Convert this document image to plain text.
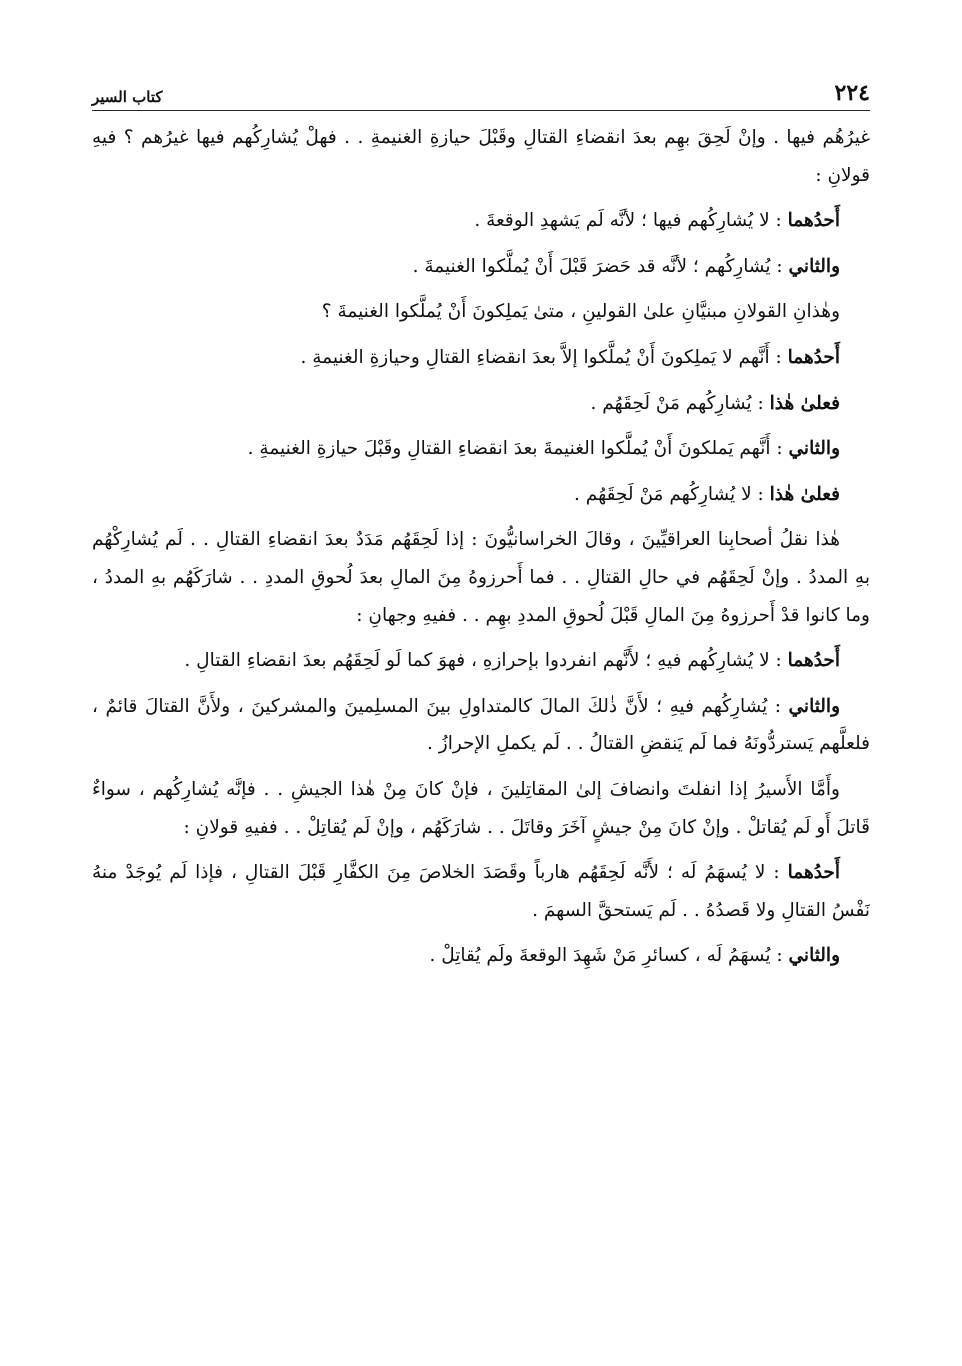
٢٢٤
كتاب السير

غيرُهُم فيها . وإنْ لَحِقَ بهِم بعدَ انقضاءِ القتالِ وقَبْلَ حيازةِ الغنيمةِ . . فهلْ يُشارِكُهم فيها غيرُهم ؟ فيهِ قولانِ :

أَحدُهما : لا يُشارِكُهم فيها ؛ لأنَّه لَم يَشهدِ الوقعةَ .

والثاني : يُشارِكُهم ؛ لأنَّه قد حَضرَ قَبْلَ أَنْ يُملَّكوا الغنيمةَ .

وهٰذانِ القولانِ مبنيَّانِ علىٰ القولينِ ، متىٰ يَملِكونَ أَنْ يُملَّكوا الغنيمةَ ؟

أَحدُهما : أَنَّهم لا يَملِكونَ أَنْ يُملَّكوا إلاَّ بعدَ انقضاءِ القتالِ وحيازةِ الغنيمةِ .

فعلىٰ هٰذا : يُشارِكُهم مَنْ لَحِقَهُم .

والثاني : أَنَّهم يَملكونَ أَنْ يُملَّكوا الغنيمةَ بعدَ انقضاءِ القتالِ وقَبْلَ حيازةِ الغنيمةِ .

فعلىٰ هٰذا : لا يُشارِكُهم مَنْ لَحِقَهُم .

هٰذا نقلُ أصحابِنا العراقيِّينَ ، وقالَ الخراسانيُّونَ : إذا لَحِقَهُم مَدَدٌ بعدَ انقضاءِ القتالِ . . لَم يُشارِكْهُم بهِ المددُ . وإنْ لَحِقَهُم في حالِ القتالِ . . فما أَحرزوهُ مِنَ المالِ بعدَ لُحوقِ المددِ . . شارَكَهُم بهِ المددُ ، وما كانوا قدْ أَحرزوهُ مِنَ المالِ قَبْلَ لُحوقِ المددِ بهِم . . ففيهِ وجهانِ :

أَحدُهما : لا يُشارِكُهم فيهِ ؛ لأَنَّهم انفردوا بإحرازهِ ، فهوَ كما لَو لَحِقَهُم بعدَ انقضاءِ القتالِ .

والثاني : يُشارِكُهم فيهِ ؛ لأَنَّ ذٰلكَ المالَ كالمتداولِ بينَ المسلِمينَ والمشركينَ ، ولأَنَّ القتالَ قائمٌ ، فلعلَّهم يَستردُّونَهُ فما لَم يَنقضِ القتالُ . . لَم يكملِ الإحرازُ .

وأَمَّا الأَسيرُ إذا انفلتَ وانضافَ إلىٰ المقاتِلينَ ، فإنْ كانَ مِنْ هٰذا الجيشِ . . فإنَّه يُشارِكُهم ، سواءٌ قَاتلَ أَو لَم يُقاتلْ . وإنْ كانَ مِنْ جيشٍ آخَرَ وقاتَلَ . . شارَكَهُم ، وإنْ لَم يُقاتِلْ . . ففيهِ قولانِ :

أَحدُهما : لا يُسهَمُ لَه ؛ لأَنَّه لَحِقَهُم هارباً وقَصَدَ الخلاصَ مِنَ الكفَّارِ قَبْلَ القتالِ ، فإذا لَم يُوجَدْ منهُ نَفْسُ القتالِ ولا قَصدُهُ . . لَم يَستحقَّ السهمَ .

والثاني : يُسهَمُ لَه ، كسائرِ مَنْ شَهِدَ الوقعةَ ولَم يُقاتِلْ .
